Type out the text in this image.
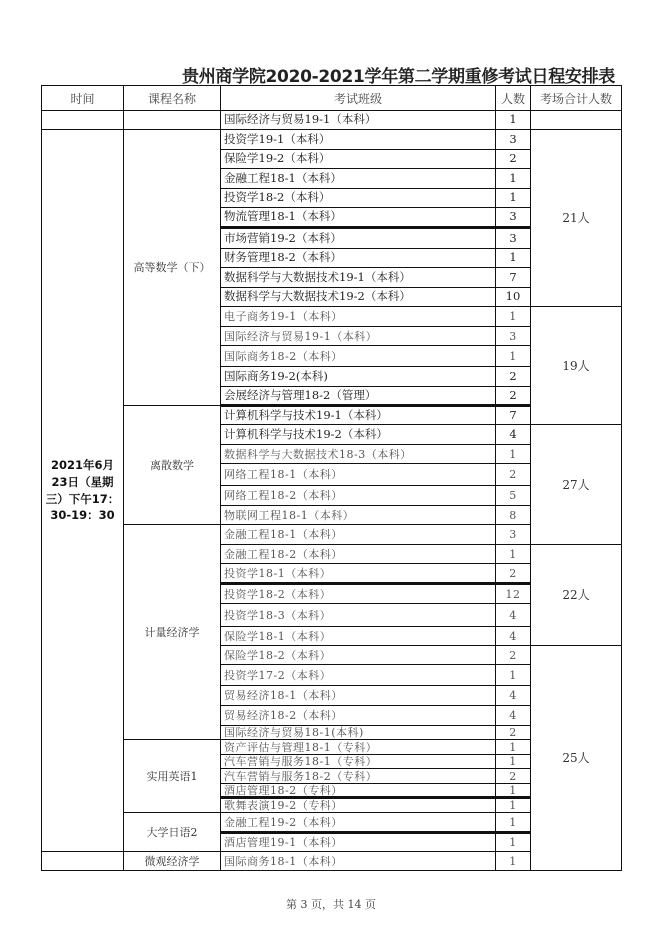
贵州商学院2020-2021学年第二学期重修考试日程安排表
时间	课程名称	考试班级	人数	考场合计人数
		国际经济与贸易19-1（本科）	1	
2021年6月23日（星期三）下午17：30-19：30	高等数学（下）	投资学19-1（本科）	3	21人
		保险学19-2（本科）	2	
		金融工程18-1（本科）	1	
		投资学18-2（本科）	1	
		物流管理18-1（本科）	3	
		市场营销19-2（本科）	3	
		财务管理18-2（本科）	1	
		数据科学与大数据技术19-1（本科）	7	
		数据科学与大数据技术19-2（本科）	10	
		电子商务19-1（本科）	1	19人
		国际经济与贸易19-1（本科）	3	
		国际商务18-2（本科）	1	
		国际商务19-2(本科)	2	
		会展经济与管理18-2（管理）	2	
	离散数学	计算机科学与技术19-1（本科）	7	
		计算机科学与技术19-2（本科）	4	27人
		数据科学与大数据技术18-3（本科）	1	
		网络工程18-1（本科）	2	
		网络工程18-2（本科）	5	
		物联网工程18-1（本科）	8	
	计量经济学	金融工程18-1（本科）	3	
		金融工程18-2（本科）	1	22人
		投资学18-1（本科）	2	
		投资学18-2（本科）	12	
		投资学18-3（本科）	4	
		保险学18-1（本科）	4	
		保险学18-2（本科）	2	25人
		投资学17-2（本科）	1	
		贸易经济18-1（本科）	4	
		贸易经济18-2（本科）	4	
		国际经济与贸易18-1(本科)	2	
	实用英语1	资产评估与管理18-1（专科）	1	
		汽车营销与服务18-1（专科）	1	
		汽车营销与服务18-2（专科）	2	
		酒店管理18-2（专科）	1	
		歌舞表演19-2（专科）	1	
	大学日语2	金融工程19-2（本科）	1	
		酒店管理19-1（本科）	1	
	微观经济学	国际商务18-1（本科）	1	
第 3 页，共 14 页
